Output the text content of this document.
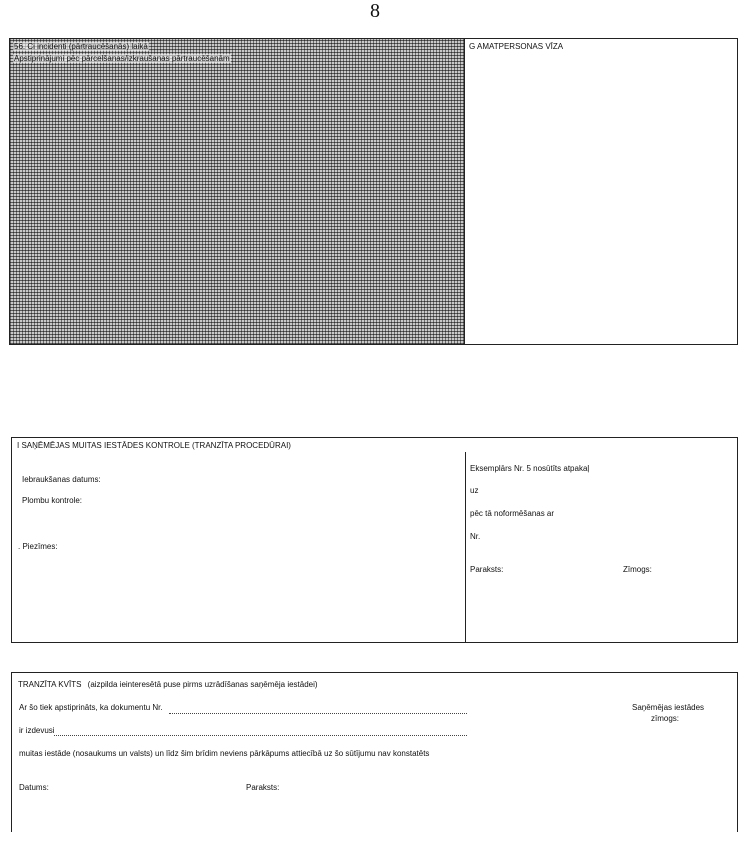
8
56. Ci incidenti (pārtraucēšanās) laikā
Apstiprinājumi pēc pārcelšanas/izkraušanas pārtraucēšanām
G AMATPERSONAS VĪZA
I SAŅĒMĒJAS MUITAS IESTĀDES KONTROLE (TRANZĪTA PROCEDŪRAI)
Iebraukšanas datums:
Plombu kontrole:
. Piezīmes:
Eksemplārs Nr. 5 nosūtīts atpakaļ
uz
pēc tā noformēšanas ar
Nr.
Paraksts:	Zīmogs:
TRANZĪTA KVĪTS (aizpilda ieinteresētā puse pirms uzrādīšanas saņēmēja iestādei)
Ar šo tiek apstiprināts, ka dokumentu Nr.
ir izdevusi
muitas iestāde (nosaukums un valsts) un līdz šim brīdim neviens pārkāpums attiecībā uz šo sūtījumu nav konstatēts
Datums:	Paraksts:
Saņēmējas iestādes
zīmogs:
